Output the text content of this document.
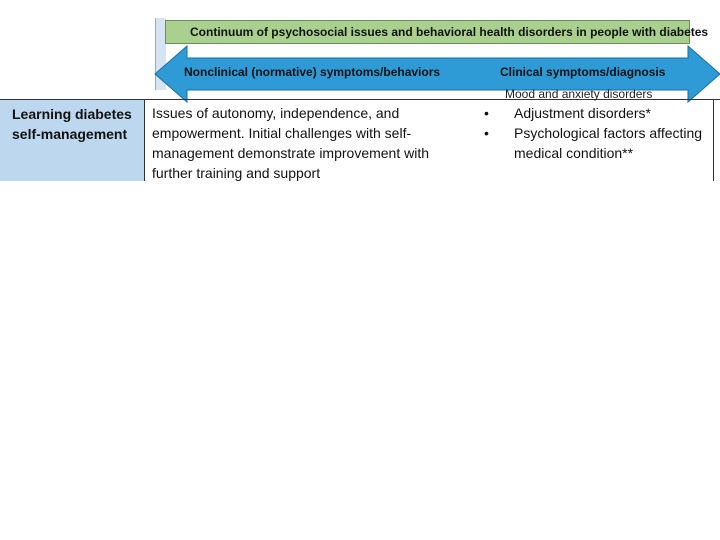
Continuum of psychosocial issues and behavioral health disorders in people with diabetes
Nonclinical (normative) symptoms/behaviors	Clinical symptoms/diagnosis
Mood and anxiety disorders
Learning diabetes self-management
Issues of autonomy, independence, and empowerment. Initial challenges with self-management demonstrate improvement with further training and support
• Adjustment disorders*
• Psychological factors affecting medical condition**
